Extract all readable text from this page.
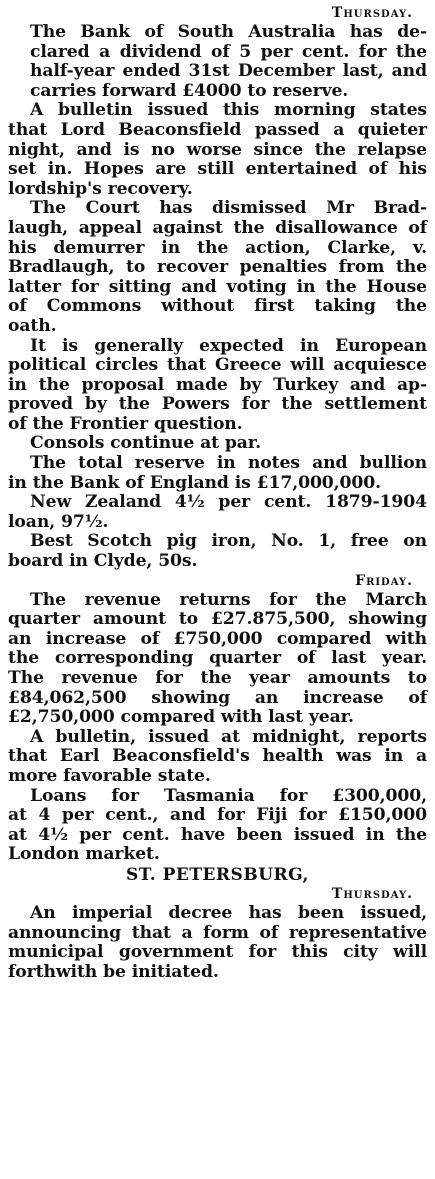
Thursday.

The Bank of South Australia has de-
clared a dividend of 5 per cent. for the
half-year ended 31st December last, and
carries forward £4000 to reserve.

A bulletin issued this morning states
that Lord Beaconsfield passed a quieter
night, and is no worse since the relapse
set in. Hopes are still entertained of his
lordship's recovery.

The Court has dismissed Mr Brad-
laugh, appeal against the disallowance of
his demurrer in the action, Clarke, v.
Bradlaugh, to recover penalties from the
latter for sitting and voting in the House
of Commons without first taking the
oath.

It is generally expected in European
political circles that Greece will acquiesce
in the proposal made by Turkey and ap-
proved by the Powers for the settlement
of the Frontier question.

Consols continue at par.

The total reserve in notes and bullion
in the Bank of England is £17,000,000.

New Zealand 4½ per cent. 1879-1904
loan, 97½.

Best Scotch pig iron, No. 1, free on
board in Clyde, 50s.

Friday.

The revenue returns for the March
quarter amount to £27.875,500, showing
an increase of £750,000 compared with
the corresponding quarter of last year.
The revenue for the year amounts to
£84,062,500 showing an increase of
£2,750,000 compared with last year.

A bulletin, issued at midnight, reports
that Earl Beaconsfield's health was in a
more favorable state.

Loans for Tasmania for £300,000,
at 4 per cent., and for Fiji for £150,000
at 4½ per cent. have been issued in the
London market.

ST. PETERSBURG,

Thursday.

An imperial decree has been issued,
announcing that a form of representative
municipal government for this city will
forthwith be initiated.
